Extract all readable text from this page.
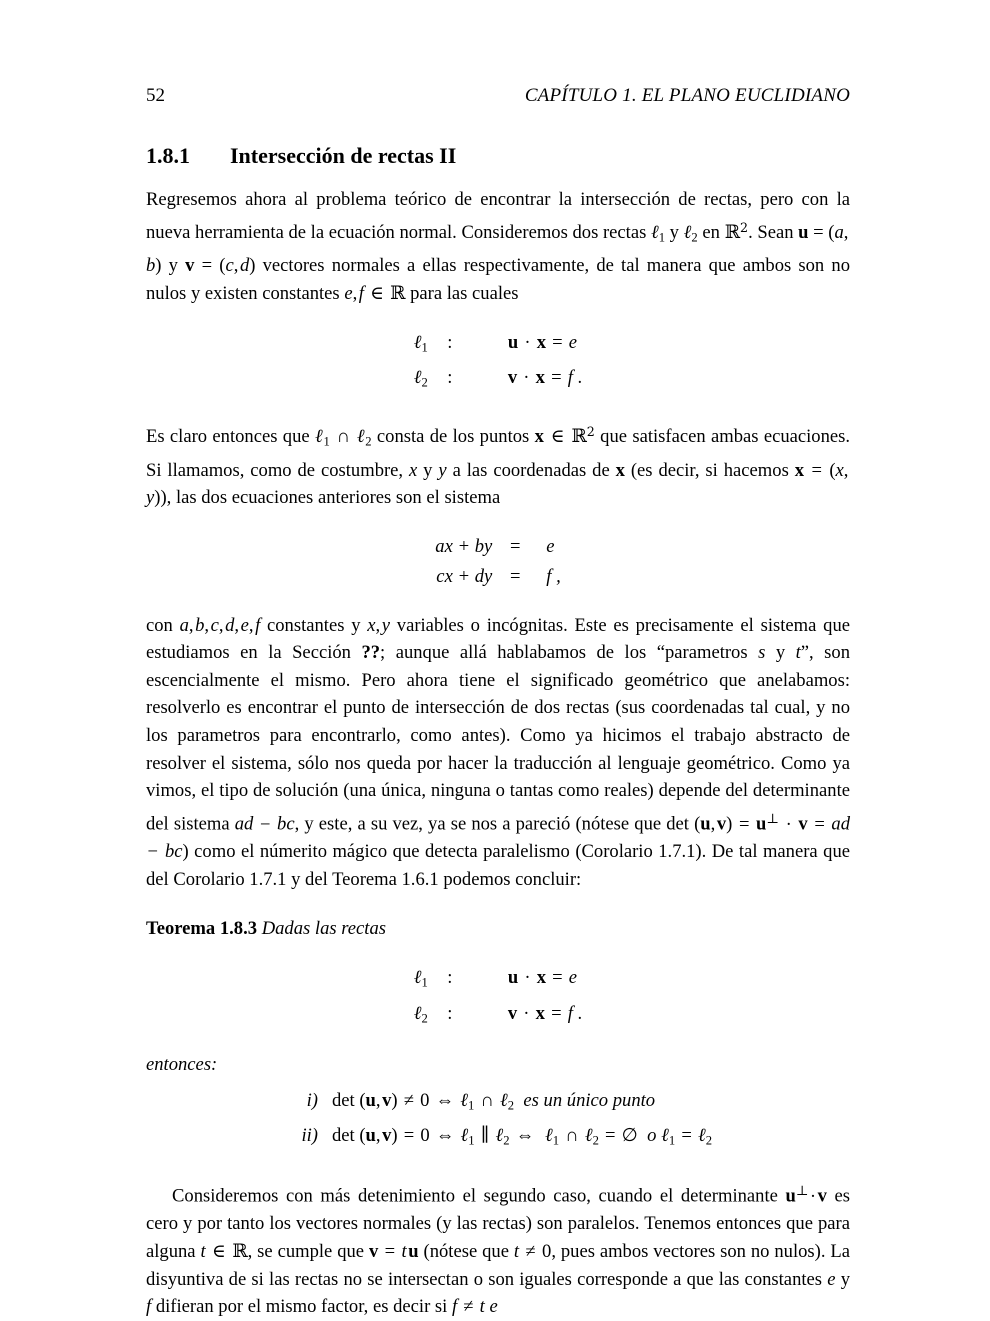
52	CAPÍTULO 1. EL PLANO EUCLIDIANO
1.8.1	Intersección de rectas II

Regresemos ahora al problema teórico de encontrar la intersección de rectas, pero con la nueva herramienta de la ecuación normal. Consideremos dos rectas ℓ$_1$ y ℓ$_2$ en ℝ$^2$. Sean u = (a, b) y v = (c, d) vectores normales a ellas respectivamente, de tal manera que ambos son no nulos y existen constantes e, f ∈ ℝ para las cuales

ℓ$_1$	:	u · x = e
ℓ$_2$	:	v · x = f .

Es claro entonces que ℓ$_1$ ∩ ℓ$_2$ consta de los puntos x ∈ ℝ$^2$ que satisfacen ambas ecuaciones. Si llamamos, como de costumbre, x y y a las coordenadas de x (es decir, si hacemos x = (x, y)), las dos ecuaciones anteriores son el sistema

ax + by	=	e
cx + dy	=	f ,

con a, b, c, d, e, f constantes y x, y variables o incógnitas. Este es precisamente el sistema que estudiamos en la Sección ??; aunque allá hablabamos de los “parametros s y t”, son escencialmente el mismo. Pero ahora tiene el significado geométrico que anelabamos: resolverlo es encontrar el punto de intersección de dos rectas (sus coordenadas tal cual, y no los parametros para encontrarlo, como antes). Como ya hicimos el trabajo abstracto de resolver el sistema, sólo nos queda por hacer la traducción al lenguaje geométrico. Como ya vimos, el tipo de solución (una única, ninguna o tantas como reales) depende del determinante del sistema ad − bc, y este, a su vez, ya se nos a pareció (nótese que det (u, v) = u⊥ · v = ad − bc) como el númerito mágico que detecta paralelismo (Corolario 1.7.1). De tal manera que del Corolario 1.7.1 y del Teorema 1.6.1 podemos concluir:

Teorema 1.8.3 Dadas las rectas
ℓ$_1$	:	u · x = e
ℓ$_2$	:	v · x = f .
entonces:
i)	det (u, v) ≠ 0 ⇔ ℓ$_1$ ∩ ℓ$_2$  es un único punto
ii)	det (u, v) = 0 ⇔ ℓ$_1$ ∥ ℓ$_2$ ⇔ ℓ$_1$ ∩ ℓ$_2$ = ∅ o ℓ$_1$ = ℓ$_2$

Consideremos con más detenimiento el segundo caso, cuando el determinante u⊥·v es cero y por tanto los vectores normales (y las rectas) son paralelos. Tenemos entonces que para alguna t ∈ ℝ, se cumple que v = t u (nótese que t ≠ 0, pues ambos vectores son no nulos). La disyuntiva de si las rectas no se intersectan o son iguales corresponde a que las constantes e y f difieran por el mismo factor, es decir si f ≠ t e
